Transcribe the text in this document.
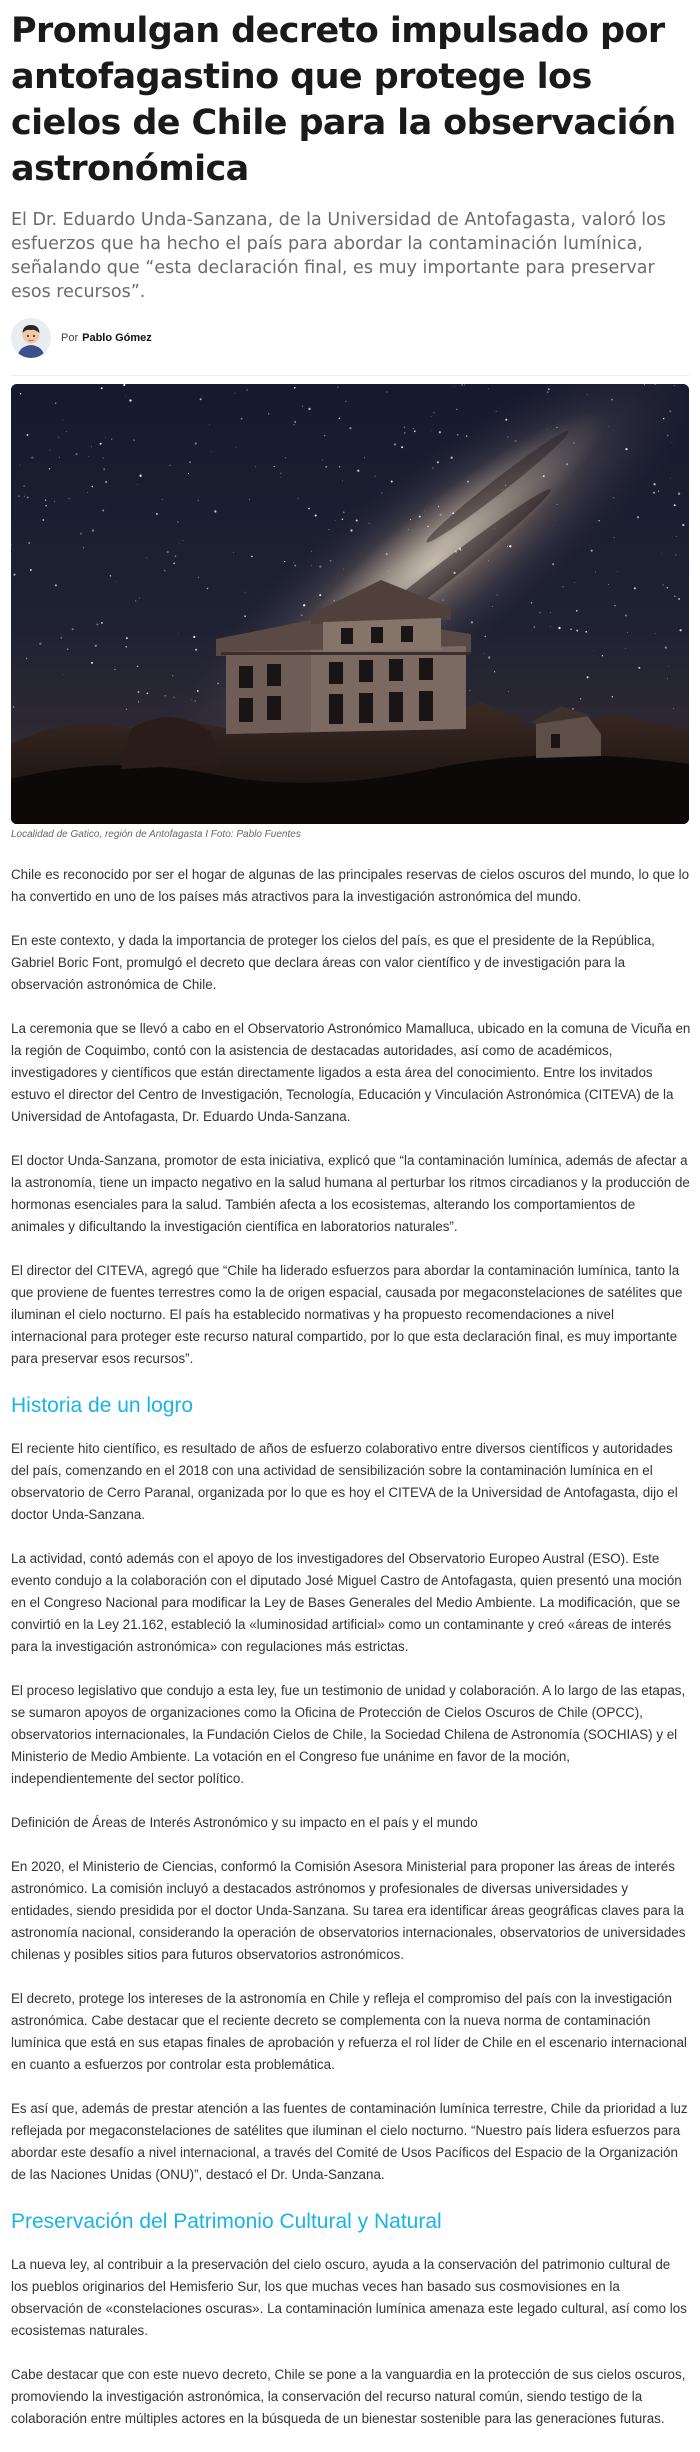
Promulgan decreto impulsado por antofagastino que protege los cielos de Chile para la observación astronómica

El Dr. Eduardo Unda-Sanzana, de la Universidad de Antofagasta, valoró los esfuerzos que ha hecho el país para abordar la contaminación lumínica, señalando que “esta declaración final, es muy importante para preservar esos recursos”.

Por Pablo Gómez
Localidad de Gatico, región de Antofagasta I Foto: Pablo Fuentes

Chile es reconocido por ser el hogar de algunas de las principales reservas de cielos oscuros del mundo, lo que lo ha convertido en uno de los países más atractivos para la investigación astronómica del mundo.

En este contexto, y dada la importancia de proteger los cielos del país, es que el presidente de la República, Gabriel Boric Font, promulgó el decreto que declara áreas con valor científico y de investigación para la observación astronómica de Chile.

La ceremonia que se llevó a cabo en el Observatorio Astronómico Mamalluca, ubicado en la comuna de Vicuña en la región de Coquimbo, contó con la asistencia de destacadas autoridades, así como de académicos, investigadores y científicos que están directamente ligados a esta área del conocimiento. Entre los invitados estuvo el director del Centro de Investigación, Tecnología, Educación y Vinculación Astronómica (CITEVA) de la Universidad de Antofagasta, Dr. Eduardo Unda-Sanzana.

El doctor Unda-Sanzana, promotor de esta iniciativa, explicó que “la contaminación lumínica, además de afectar a la astronomía, tiene un impacto negativo en la salud humana al perturbar los ritmos circadianos y la producción de hormonas esenciales para la salud. También afecta a los ecosistemas, alterando los comportamientos de animales y dificultando la investigación científica en laboratorios naturales”.

El director del CITEVA, agregó que “Chile ha liderado esfuerzos para abordar la contaminación lumínica, tanto la que proviene de fuentes terrestres como la de origen espacial, causada por megaconstelaciones de satélites que iluminan el cielo nocturno. El país ha establecido normativas y ha propuesto recomendaciones a nivel internacional para proteger este recurso natural compartido, por lo que esta declaración final, es muy importante para preservar esos recursos”.

Historia de un logro

El reciente hito científico, es resultado de años de esfuerzo colaborativo entre diversos científicos y autoridades del país, comenzando en el 2018 con una actividad de sensibilización sobre la contaminación lumínica en el observatorio de Cerro Paranal, organizada por lo que es hoy el CITEVA de la Universidad de Antofagasta, dijo el doctor Unda-Sanzana.

La actividad, contó además con el apoyo de los investigadores del Observatorio Europeo Austral (ESO). Este evento condujo a la colaboración con el diputado José Miguel Castro de Antofagasta, quien presentó una moción en el Congreso Nacional para modificar la Ley de Bases Generales del Medio Ambiente. La modificación, que se convirtió en la Ley 21.162, estableció la «luminosidad artificial» como un contaminante y creó «áreas de interés para la investigación astronómica» con regulaciones más estrictas.

El proceso legislativo que condujo a esta ley, fue un testimonio de unidad y colaboración. A lo largo de las etapas, se sumaron apoyos de organizaciones como la Oficina de Protección de Cielos Oscuros de Chile (OPCC), observatorios internacionales, la Fundación Cielos de Chile, la Sociedad Chilena de Astronomía (SOCHIAS) y el Ministerio de Medio Ambiente. La votación en el Congreso fue unánime en favor de la moción, independientemente del sector político.

Definición de Áreas de Interés Astronómico y su impacto en el país y el mundo

En 2020, el Ministerio de Ciencias, conformó la Comisión Asesora Ministerial para proponer las áreas de interés astronómico. La comisión incluyó a destacados astrónomos y profesionales de diversas universidades y entidades, siendo presidida por el doctor Unda-Sanzana. Su tarea era identificar áreas geográficas claves para la astronomía nacional, considerando la operación de observatorios internacionales, observatorios de universidades chilenas y posibles sitios para futuros observatorios astronómicos.

El decreto, protege los intereses de la astronomía en Chile y refleja el compromiso del país con la investigación astronómica. Cabe destacar que el reciente decreto se complementa con la nueva norma de contaminación lumínica que está en sus etapas finales de aprobación y refuerza el rol líder de Chile en el escenario internacional en cuanto a esfuerzos por controlar esta problemática.

Es así que, además de prestar atención a las fuentes de contaminación lumínica terrestre, Chile da prioridad a luz reflejada por megaconstelaciones de satélites que iluminan el cielo nocturno. “Nuestro país lidera esfuerzos para abordar este desafío a nivel internacional, a través del Comité de Usos Pacíficos del Espacio de la Organización de las Naciones Unidas (ONU)”, destacó el Dr. Unda-Sanzana.

Preservación del Patrimonio Cultural y Natural

La nueva ley, al contribuir a la preservación del cielo oscuro, ayuda a la conservación del patrimonio cultural de los pueblos originarios del Hemisferio Sur, los que muchas veces han basado sus cosmovisiones en la observación de «constelaciones oscuras». La contaminación lumínica amenaza este legado cultural, así como los ecosistemas naturales.

Cabe destacar que con este nuevo decreto, Chile se pone a la vanguardia en la protección de sus cielos oscuros, promoviendo la investigación astronómica, la conservación del recurso natural común, siendo testigo de la colaboración entre múltiples actores en la búsqueda de un bienestar sostenible para las generaciones futuras.
